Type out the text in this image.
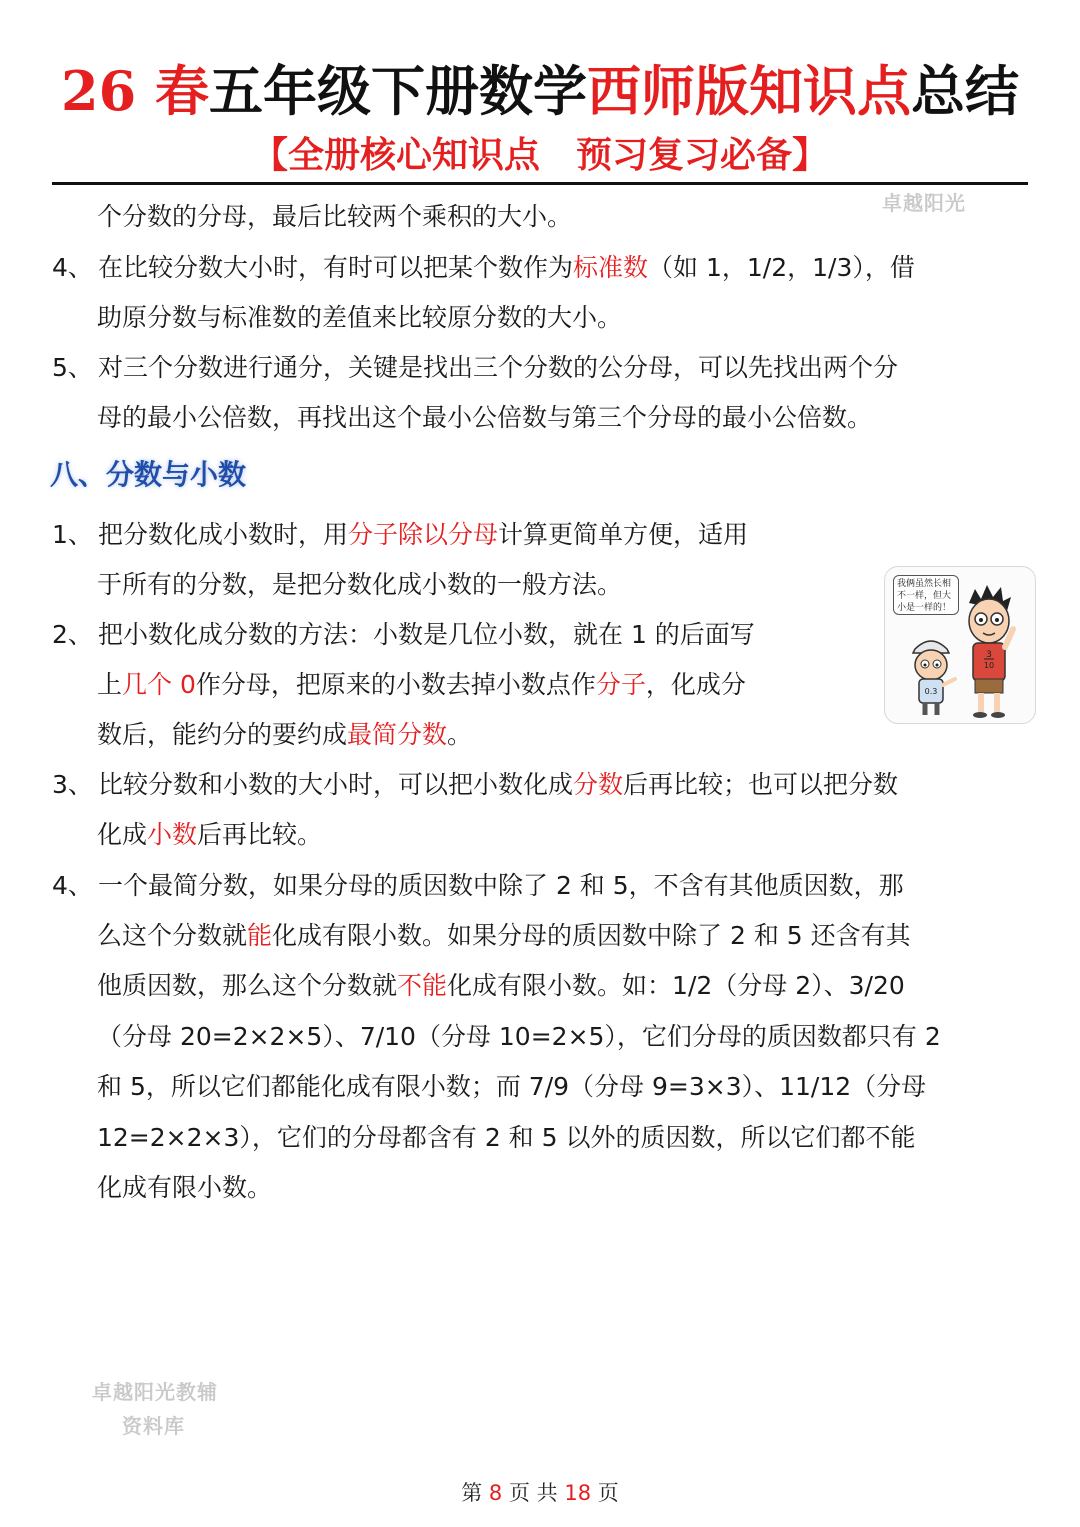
26 春五年级下册数学西师版知识点总结
【全册核心知识点　预习复习必备】
卓越阳光
个分数的分母，最后比较两个乘积的大小。
4、 在比较分数大小时，有时可以把某个数作为标准数（如 1，1/2，1/3），借
助原分数与标准数的差值来比较原分数的大小。
5、 对三个分数进行通分，关键是找出三个分数的公分母，可以先找出两个分
母的最小公倍数，再找出这个最小公倍数与第三个分母的最小公倍数。
八、分数与小数
1、 把分数化成小数时，用分子除以分母计算更简单方便，适用
于所有的分数，是把分数化成小数的一般方法。
2、 把小数化成分数的方法：小数是几位小数，就在 1 的后面写
上几个 0作分母，把原来的小数去掉小数点作分子，化成分
数后，能约分的要约成最简分数。
我俩虽然长相不一样，但大小是一样的！
3
10
0.3
3、 比较分数和小数的大小时，可以把小数化成分数后再比较；也可以把分数
化成小数后再比较。
4、 一个最简分数，如果分母的质因数中除了 2 和 5，不含有其他质因数，那
么这个分数就能化成有限小数。如果分母的质因数中除了 2 和 5 还含有其
他质因数，那么这个分数就不能化成有限小数。如：1/2（分母 2）、3/20
（分母 20=2×2×5）、7/10（分母 10=2×5），它们分母的质因数都只有 2
和 5，所以它们都能化成有限小数；而 7/9（分母 9=3×3）、11/12（分母
12=2×2×3），它们的分母都含有 2 和 5 以外的质因数，所以它们都不能
化成有限小数。
卓越阳光教辅
资料库
第 8 页 共 18 页
